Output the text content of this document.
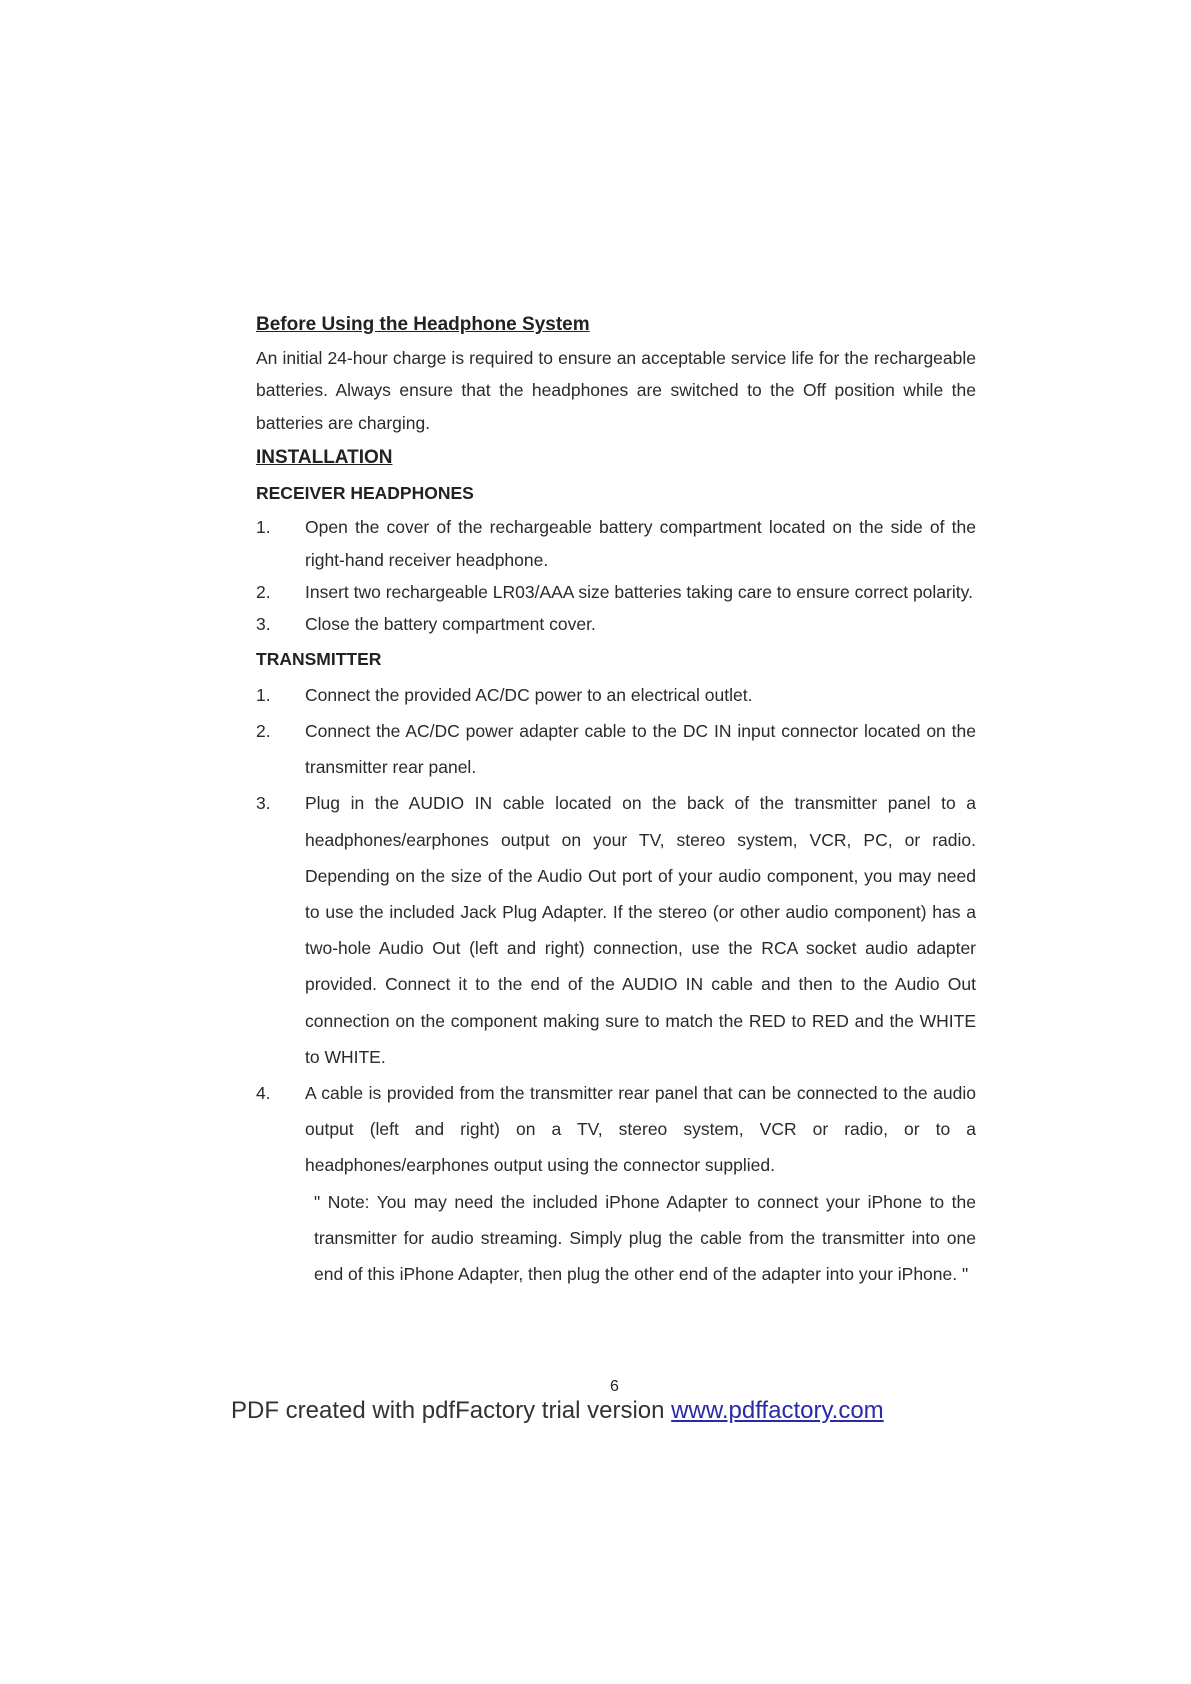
Before Using the Headphone System

An initial 24-hour charge is required to ensure an acceptable service life for the rechargeable batteries. Always ensure that the headphones are switched to the Off position while the batteries are charging.

INSTALLATION

RECEIVER HEADPHONES

1.	Open the cover of the rechargeable battery compartment located on the side of the right-hand receiver headphone.
2.	Insert two rechargeable LR03/AAA size batteries taking care to ensure correct polarity.
3.	Close the battery compartment cover.

TRANSMITTER

1.	Connect the provided AC/DC power to an electrical outlet.
2.	Connect the AC/DC power adapter cable to the DC IN input connector located on the transmitter rear panel.
3.	Plug in the AUDIO IN cable located on the back of the transmitter panel to a headphones/earphones output on your TV, stereo system, VCR, PC, or radio. Depending on the size of the Audio Out port of your audio component, you may need to use the included Jack Plug Adapter. If the stereo (or other audio component) has a two-hole Audio Out (left and right) connection, use the RCA socket audio adapter provided. Connect it to the end of the AUDIO IN cable and then to the Audio Out connection on the component making sure to match the RED to RED and the WHITE to WHITE.
4.	A cable is provided from the transmitter rear panel that can be connected to the audio output (left and right) on a TV, stereo system, VCR or radio, or to a headphones/earphones output using the connector supplied.

" Note: You may need the included iPhone Adapter to connect your iPhone to the transmitter for audio streaming. Simply plug the cable from the transmitter into one end of this iPhone Adapter, then plug the other end of the adapter into your iPhone. "

6
PDF created with pdfFactory trial version www.pdffactory.com
